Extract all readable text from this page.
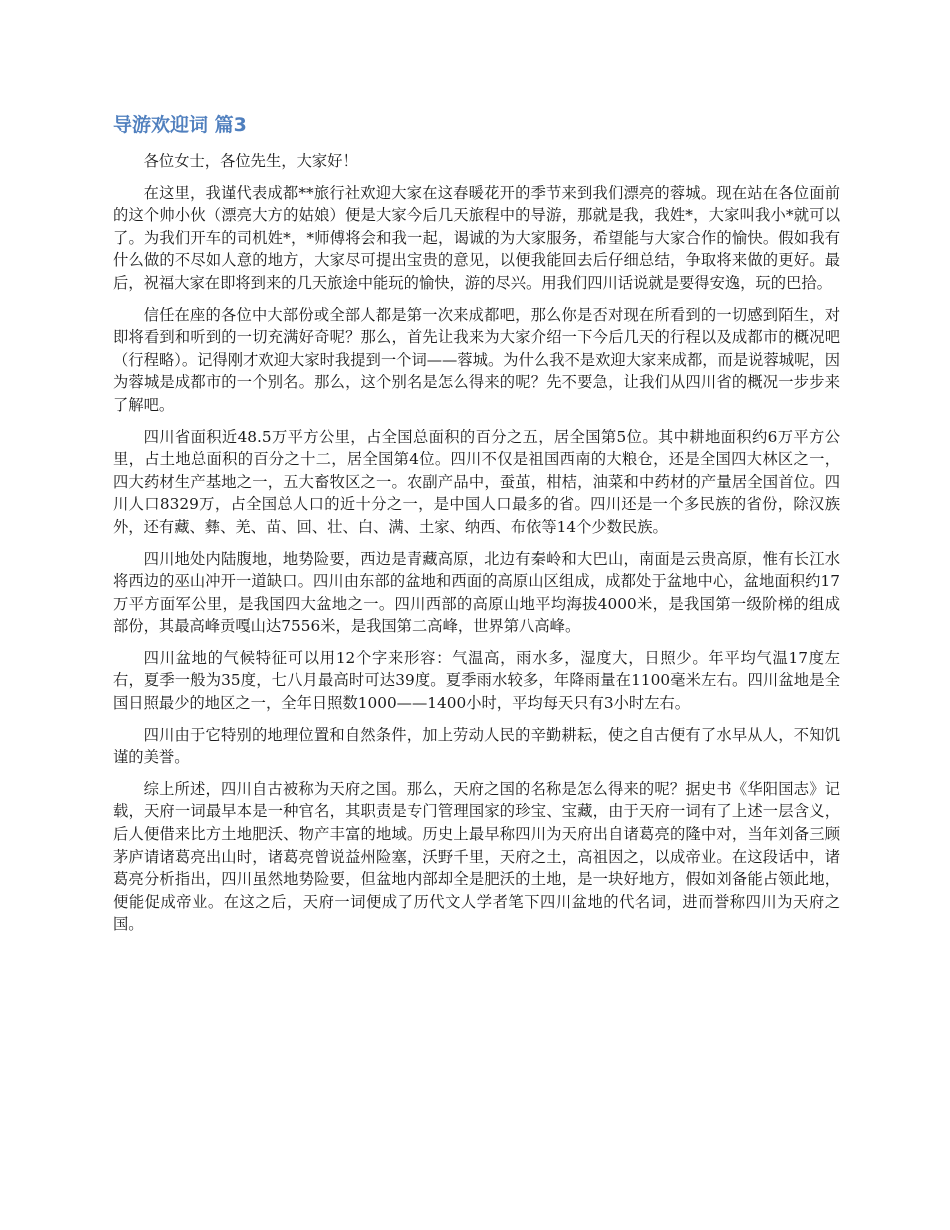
导游欢迎词 篇3

各位女士，各位先生，大家好！

在这里，我谨代表成都**旅行社欢迎大家在这春暖花开的季节来到我们漂亮的蓉城。现在站在各位面前的这个帅小伙（漂亮大方的姑娘）便是大家今后几天旅程中的导游，那就是我，我姓*，大家叫我小*就可以了。为我们开车的司机姓*，*师傅将会和我一起，谒诚的为大家服务，希望能与大家合作的愉快。假如我有什么做的不尽如人意的地方，大家尽可提出宝贵的意见，以便我能回去后仔细总结，争取将来做的更好。最后，祝福大家在即将到来的几天旅途中能玩的愉快，游的尽兴。用我们四川话说就是要得安逸，玩的巴拾。

信任在座的各位中大部份或全部人都是第一次来成都吧，那么你是否对现在所看到的一切感到陌生，对即将看到和听到的一切充满好奇呢？那么，首先让我来为大家介绍一下今后几天的行程以及成都市的概况吧（行程略）。记得刚才欢迎大家时我提到一个词——蓉城。为什么我不是欢迎大家来成都，而是说蓉城呢，因为蓉城是成都市的一个别名。那么，这个别名是怎么得来的呢？先不要急，让我们从四川省的概况一步步来了解吧。

四川省面积近48.5万平方公里，占全国总面积的百分之五，居全国第5位。其中耕地面积约6万平方公里，占土地总面积的百分之十二，居全国第4位。四川不仅是祖国西南的大粮仓，还是全国四大林区之一，四大药材生产基地之一，五大畜牧区之一。农副产品中，蚕茧，柑桔，油菜和中药材的产量居全国首位。四川人口8329万，占全国总人口的近十分之一，是中国人口最多的省。四川还是一个多民族的省份，除汉族外，还有藏、彝、羌、苗、回、壮、白、满、土家、纳西、布依等14个少数民族。

四川地处内陆腹地，地势险要，西边是青藏高原，北边有秦岭和大巴山，南面是云贵高原，惟有长江水将西边的巫山冲开一道缺口。四川由东部的盆地和西面的高原山区组成，成都处于盆地中心，盆地面积约17万平方面军公里，是我国四大盆地之一。四川西部的高原山地平均海拔4000米，是我国第一级阶梯的组成部份，其最高峰贡嘎山达7556米，是我国第二高峰，世界第八高峰。

四川盆地的气候特征可以用12个字来形容：气温高，雨水多，湿度大，日照少。年平均气温17度左右，夏季一般为35度，七八月最高时可达39度。夏季雨水较多，年降雨量在1100毫米左右。四川盆地是全国日照最少的地区之一，全年日照数1000——1400小时，平均每天只有3小时左右。

四川由于它特别的地理位置和自然条件，加上劳动人民的辛勤耕耘，使之自古便有了水早从人，不知饥谨的美誉。

综上所述，四川自古被称为天府之国。那么，天府之国的名称是怎么得来的呢？据史书《华阳国志》记载，天府一词最早本是一种官名，其职责是专门管理国家的珍宝、宝藏，由于天府一词有了上述一层含义，后人便借来比方土地肥沃、物产丰富的地域。历史上最早称四川为天府出自诸葛亮的隆中对，当年刘备三顾茅庐请诸葛亮出山时，诸葛亮曾说益州险塞，沃野千里，天府之土，高祖因之，以成帝业。在这段话中，诸葛亮分析指出，四川虽然地势险要，但盆地内部却全是肥沃的土地，是一块好地方，假如刘备能占领此地，便能促成帝业。在这之后，天府一词便成了历代文人学者笔下四川盆地的代名词，进而誉称四川为天府之国。
